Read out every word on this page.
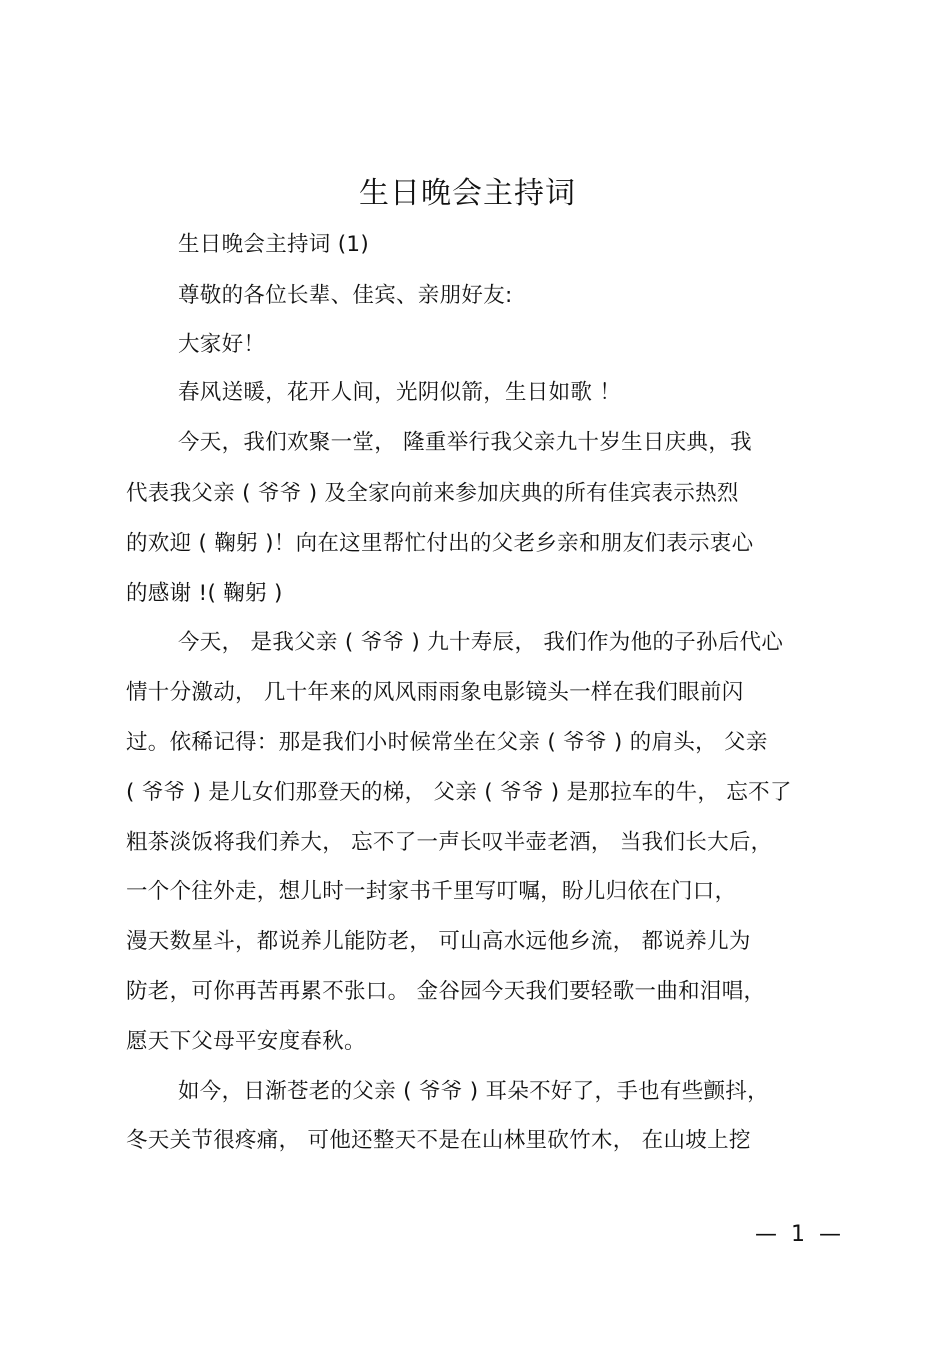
生日晚会主持词
生日晚会主持词 (1)
尊敬的各位长辈、佳宾、亲朋好友:
大家好！
春风送暖，花开人间，光阴似箭，生日如歌 ！
今天，我们欢聚一堂， 隆重举行我父亲九十岁生日庆典，我
代表我父亲 ( 爷爷 ) 及全家向前来参加庆典的所有佳宾表示热烈
的欢迎 ( 鞠躬 )！向在这里帮忙付出的父老乡亲和朋友们表示衷心
的感谢 !( 鞠躬 )
今天， 是我父亲 ( 爷爷 ) 九十寿辰， 我们作为他的子孙后代心
情十分激动， 几十年来的风风雨雨象电影镜头一样在我们眼前闪
过。依稀记得：那是我们小时候常坐在父亲 ( 爷爷 ) 的肩头， 父亲
( 爷爷 ) 是儿女们那登天的梯， 父亲 ( 爷爷 ) 是那拉车的牛， 忘不了
粗茶淡饭将我们养大， 忘不了一声长叹半壶老酒， 当我们长大后，
一个个往外走，想儿时一封家书千里写叮嘱，盼儿归依在门口，
漫天数星斗，都说养儿能防老， 可山高水远他乡流， 都说养儿为
防老，可你再苦再累不张口。 金谷园今天我们要轻歌一曲和泪唱，
愿天下父母平安度春秋。
如今，日渐苍老的父亲 ( 爷爷 ) 耳朵不好了，手也有些颤抖，
冬天关节很疼痛， 可他还整天不是在山林里砍竹木， 在山坡上挖
—  1  —
